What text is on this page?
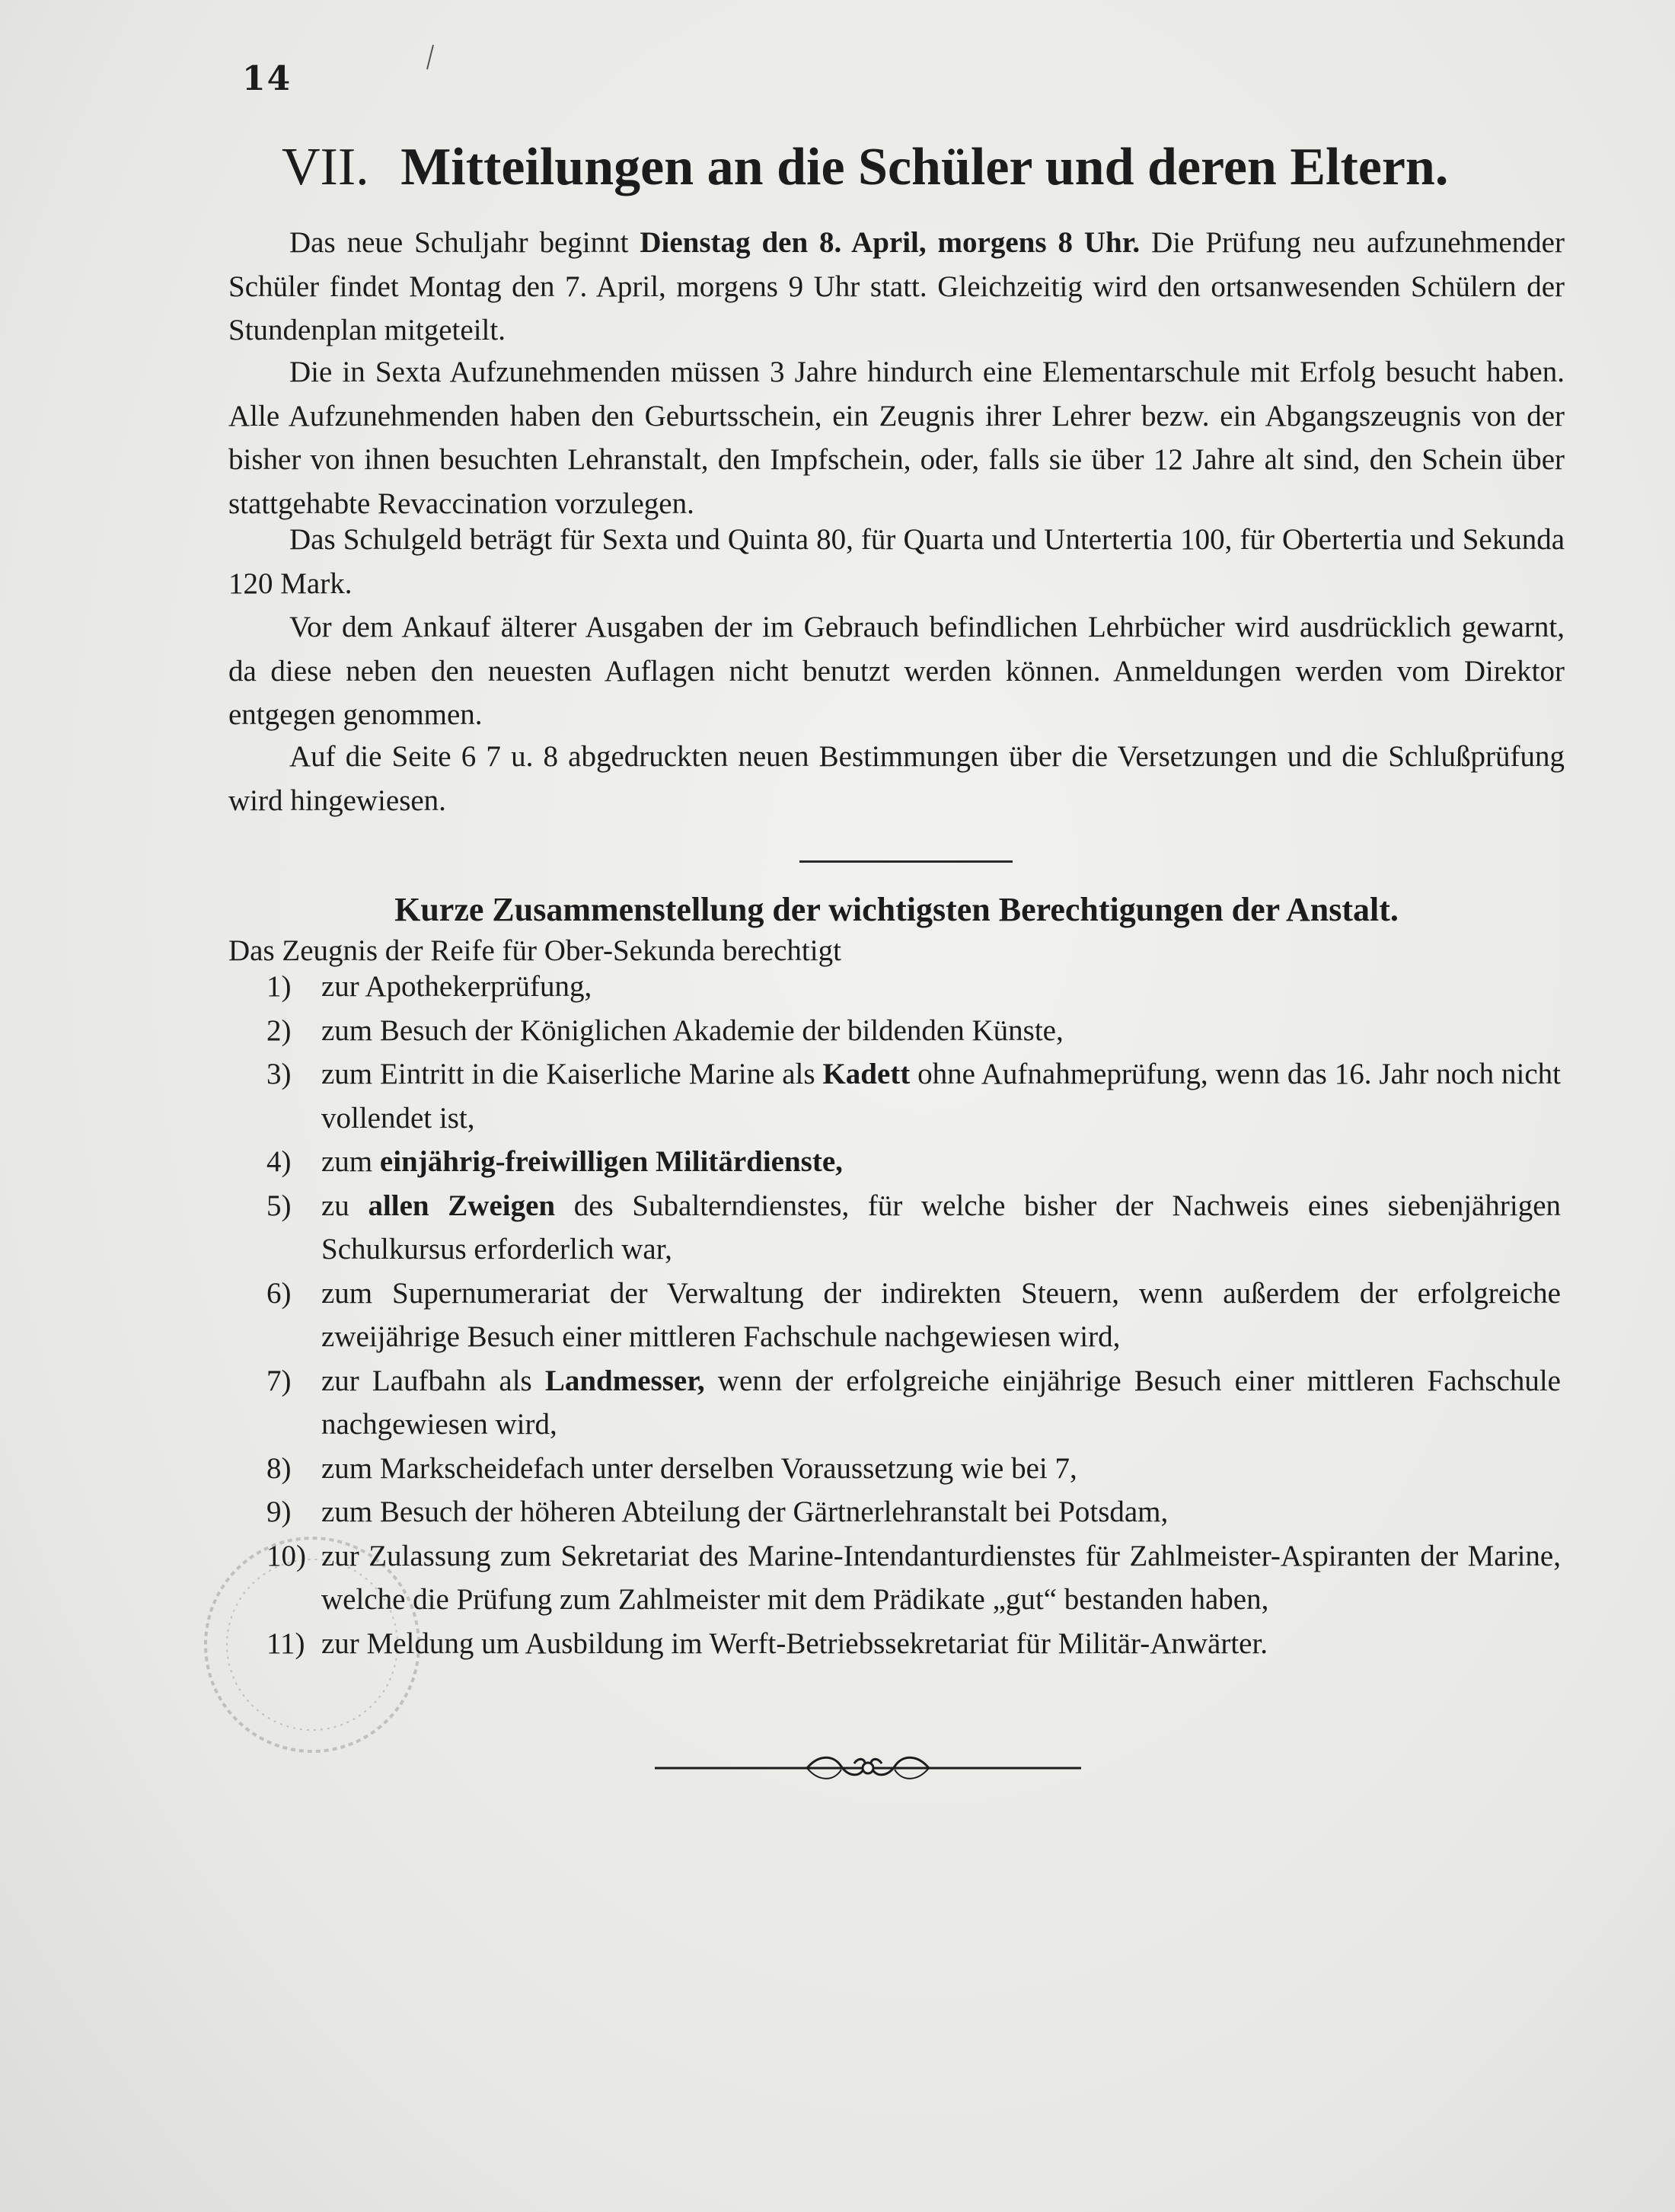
14
VII. Mitteilungen an die Schüler und deren Eltern.

Das neue Schuljahr beginnt Dienstag den 8. April, morgens 8 Uhr. Die Prüfung neu aufzunehmender Schüler findet Montag den 7. April, morgens 9 Uhr statt. Gleichzeitig wird den ortsanwesenden Schülern der Stundenplan mitgeteilt.

Die in Sexta Aufzunehmenden müssen 3 Jahre hindurch eine Elementarschule mit Erfolg besucht haben. Alle Aufzunehmenden haben den Geburtsschein, ein Zeugnis ihrer Lehrer bezw. ein Abgangszeugnis von der bisher von ihnen besuchten Lehranstalt, den Impfschein, oder, falls sie über 12 Jahre alt sind, den Schein über stattgehabte Revaccination vorzulegen.

Das Schulgeld beträgt für Sexta und Quinta 80, für Quarta und Untertertia 100, für Obertertia und Sekunda 120 Mark.

Vor dem Ankauf älterer Ausgaben der im Gebrauch befindlichen Lehrbücher wird ausdrücklich gewarnt, da diese neben den neuesten Auflagen nicht benutzt werden können. Anmeldungen werden vom Direktor entgegen genommen.

Auf die Seite 6 7 u. 8 abgedruckten neuen Bestimmungen über die Versetzungen und die Schlußprüfung wird hingewiesen.

Kurze Zusammenstellung der wichtigsten Berechtigungen der Anstalt.
Das Zeugnis der Reife für Ober-Sekunda berechtigt
1) zur Apothekerprüfung,
2) zum Besuch der Königlichen Akademie der bildenden Künste,
3) zum Eintritt in die Kaiserliche Marine als Kadett ohne Aufnahmeprüfung, wenn das 16. Jahr noch nicht vollendet ist,
4) zum einjährig-freiwilligen Militärdienste,
5) zu allen Zweigen des Subalterndienstes, für welche bisher der Nachweis eines siebenjährigen Schulkursus erforderlich war,
6) zum Supernumerariat der Verwaltung der indirekten Steuern, wenn außerdem der erfolgreiche zweijährige Besuch einer mittleren Fachschule nachgewiesen wird,
7) zur Laufbahn als Landmesser, wenn der erfolgreiche einjährige Besuch einer mittleren Fachschule nachgewiesen wird,
8) zum Markscheidefach unter derselben Voraussetzung wie bei 7,
9) zum Besuch der höheren Abteilung der Gärtnerlehranstalt bei Potsdam,
10) zur Zulassung zum Sekretariat des Marine-Intendanturdienstes für Zahlmeister-Aspiranten der Marine, welche die Prüfung zum Zahlmeister mit dem Prädikate „gut“ bestanden haben,
11) zur Meldung um Ausbildung im Werft-Betriebssekretariat für Militär-Anwärter.
